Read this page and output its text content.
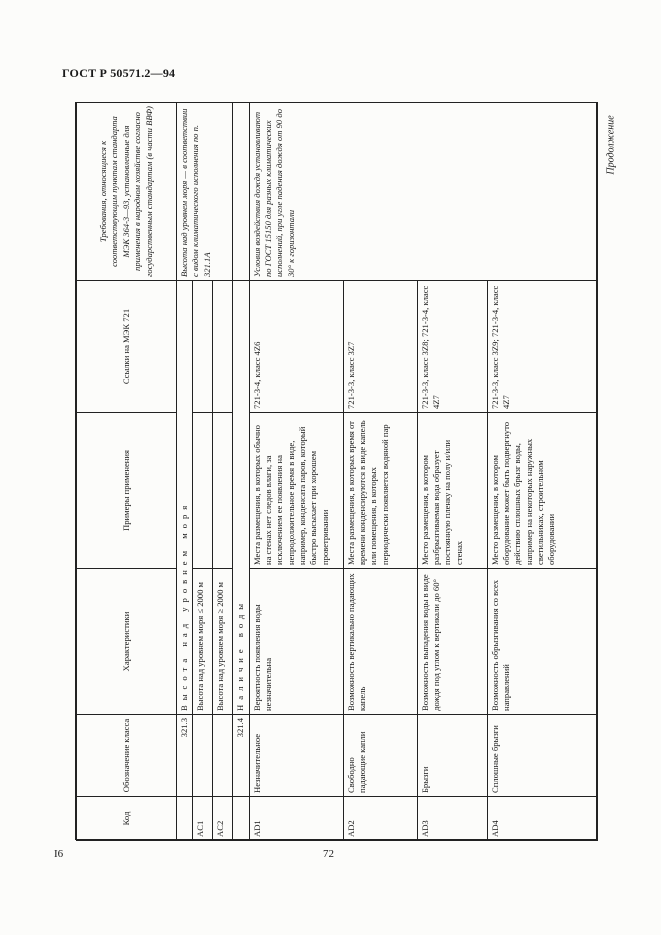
ГОСТ Р 50571.2—94
Продолжение
Код	Обозначение класса	Характеристики	Примеры применения	Ссылки на МЭК 721	Требования, относящиеся к соответствующим пунктам стандарта МЭК 364-3—93, установленные для применения в народном хозяйстве согласно государственным стандартам (в части ВВФ)
	321.3	Высота над уровнем моря			Высота над уровнем моря — в соответствии с видом климатического исполнения по п. 321.1А
AC1		Высота над уровнем моря ≤ 2000 м			
AC2		Высота над уровнем моря ≥ 2000 м			
	321.4	Наличие воды			
AD1	Незначительное	Вероятность появления воды незначительна	Места размещения, в которых обычно на стенах нет следов влаги, за исключением ее появления на непродолжительное время в виде, например, конденсата паров, который быстро высыхает при хорошем проветривании	721-3-4, класс 4Z6	Условия воздействия дождя устанавливают по ГОСТ 15150 для разных климатических исполнений, при угле падения дождя от 90 до 30° к горизонтали
AD2	Свободно падающие капли	Возможность вертикально падающих капель	Места размещения, в которых время от времени конденсируются в виде капель или помещения, в которых периодически появляется водяной пар	721-3-3, класс 3Z7	
AD3	Брызги	Возможность выпадения воды в виде дождя под углом к вертикали до 60°	Место размещения, в котором разбрызгиваемая вода образует постоянную пленку на полу и/или стенах	721-3-3, класс 3Z8; 721-3-4, класс 4Z7	
AD4	Сплошные брызги	Возможность обрызгивания со всех направлений	Место размещения, в котором оборудование может быть подвергнуто действию сплошных брызг воды, например на некоторых наружных светильниках, строительном оборудовании	721-3-3, класс 3Z9; 721-3-4, класс 4Z7	
I6	72
